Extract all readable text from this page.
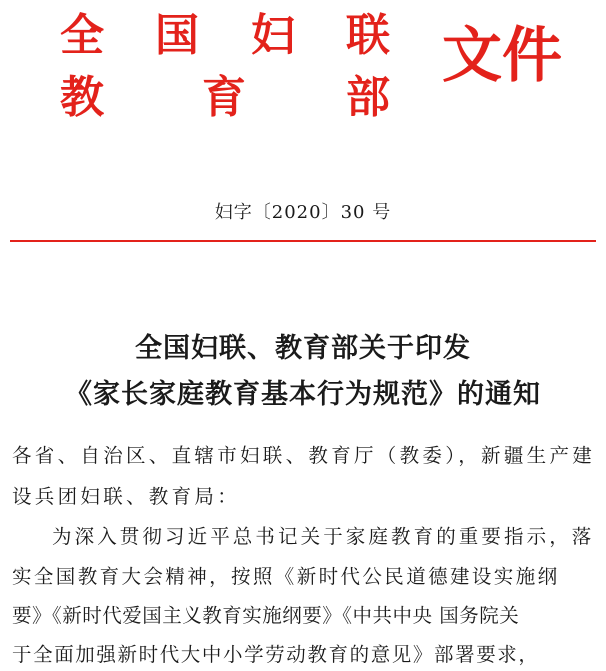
全 国 妇 联
教 育 部
文件
妇字〔2020〕30 号
全国妇联、教育部关于印发
《家长家庭教育基本行为规范》的通知
各省、自治区、直辖市妇联、教育厅（教委），新疆生产建
设兵团妇联、教育局：
为深入贯彻习近平总书记关于家庭教育的重要指示，落
实全国教育大会精神，按照《新时代公民道德建设实施纲
要》《新时代爱国主义教育实施纲要》《中共中央 国务院关
于全面加强新时代大中小学劳动教育的意见》部署要求，
